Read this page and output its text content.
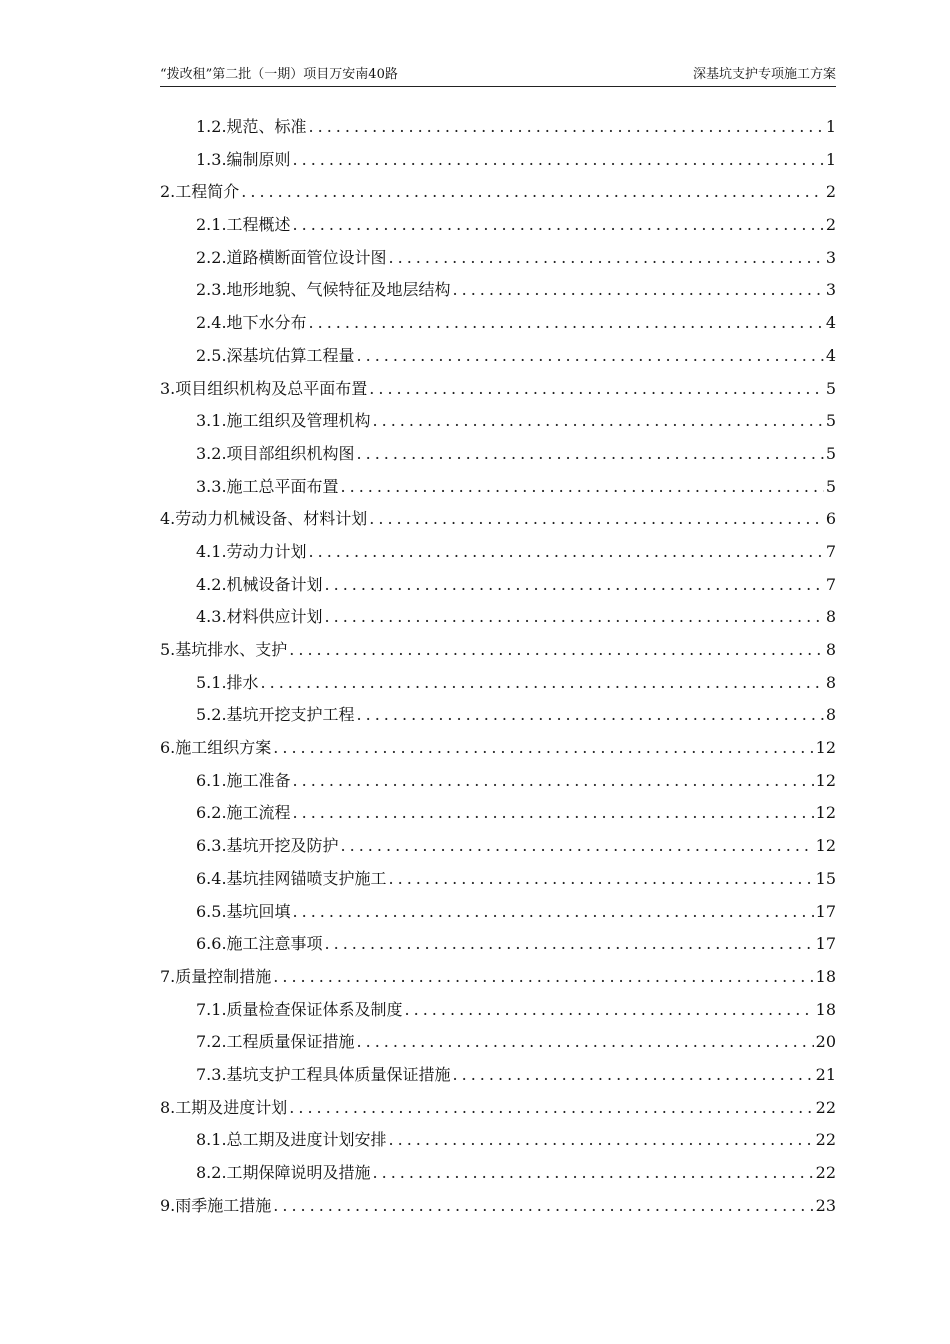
“拨改租”第二批（一期）项目万安南40路	深基坑支护专项施工方案
1.2.规范、标准 .....	1
1.3.编制原则 .....	1
2.工程简介 .....	2
2.1.工程概述 .....	2
2.2.道路横断面管位设计图 .....	3
2.3.地形地貌、气候特征及地层结构 .....	3
2.4.地下水分布 .....	4
2.5.深基坑估算工程量 .....	4
3.项目组织机构及总平面布置 .....	5
3.1.施工组织及管理机构 .....	5
3.2.项目部组织机构图 .....	5
3.3.施工总平面布置 .....	5
4.劳动力机械设备、材料计划 .....	6
4.1.劳动力计划 .....	7
4.2.机械设备计划 .....	7
4.3.材料供应计划 .....	8
5.基坑排水、支护 .....	8
5.1.排水 .....	8
5.2.基坑开挖支护工程 .....	8
6.施工组织方案 .....	12
6.1.施工准备 .....	12
6.2.施工流程 .....	12
6.3.基坑开挖及防护 .....	12
6.4.基坑挂网锚喷支护施工 .....	15
6.5.基坑回填 .....	17
6.6.施工注意事项 .....	17
7.质量控制措施 .....	18
7.1.质量检查保证体系及制度 .....	18
7.2.工程质量保证措施 .....	20
7.3.基坑支护工程具体质量保证措施 .....	21
8.工期及进度计划 .....	22
8.1.总工期及进度计划安排 .....	22
8.2.工期保障说明及措施 .....	22
9.雨季施工措施 .....	23
